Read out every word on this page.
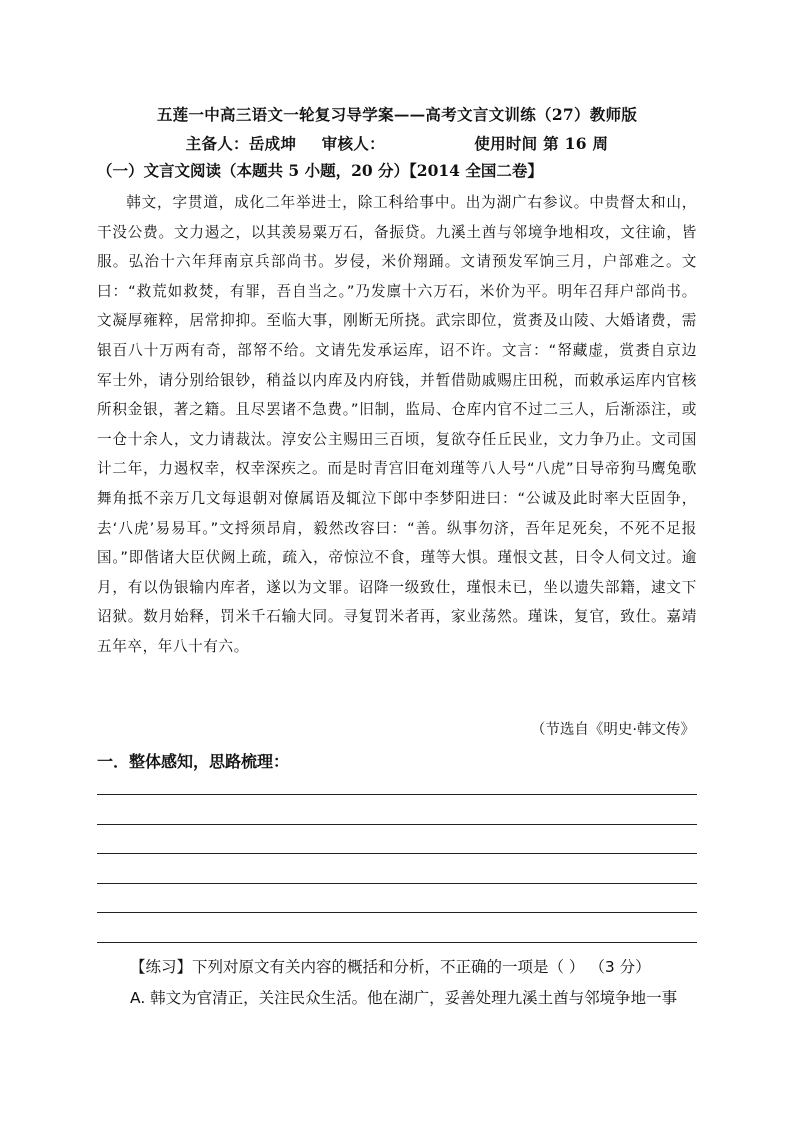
五莲一中高三语文一轮复习导学案——高考文言文训练（27）教师版
主备人：岳成坤 审核人：	使用时间 第 16 周
（一）文言文阅读（本题共 5 小题，20 分）【2014 全国二卷】

韩文，字贯道，成化二年举进士，除工科给事中。出为湖广右参议。中贵督太和山，干没公费。文力遏之，以其羡易粟万石，备振贷。九溪土酋与邻境争地相攻，文往谕，皆服。弘治十六年拜南京兵部尚书。岁侵，米价翔踊。文请预发军饷三月，户部难之。文曰：“救荒如救焚，有罪，吾自当之。”乃发廪十六万石，米价为平。明年召拜户部尚书。文凝厚雍粹，居常抑抑。至临大事，刚断无所挠。武宗即位，赏赉及山陵、大婚诸费，需银百八十万两有奇，部帑不给。文请先发承运库，诏不许。文言：“帑藏虚，赏赉自京边军士外，请分别给银钞，稍益以内库及内府钱，并暂借勋戚赐庄田税，而敕承运库内官核所积金银，著之籍。且尽罢诸不急费。”旧制，监局、仓库内官不过二三人，后渐添注，或一仓十余人，文力请裁汰。淳安公主赐田三百顷，复欲夺任丘民业，文力争乃止。文司国计二年，力遏权幸，权幸深疾之。而是时青宫旧奄刘瑾等八人号“八虎”日导帝狗马鹰兔歌舞角抵不亲万几文每退朝对僚属语及辄泣下郎中李梦阳进曰：“公诚及此时率大臣固争，去‘八虎’易易耳。”文捋须昂肩，毅然改容曰：“善。纵事勿济，吾年足死矣，不死不足报国。”即偕诸大臣伏阙上疏，疏入，帝惊泣不食，瑾等大惧。瑾恨文甚，日令人伺文过。逾月，有以伪银输内库者，遂以为文罪。诏降一级致仕，瑾恨未已，坐以遗失部籍，逮文下诏狱。数月始释，罚米千石输大同。寻复罚米者再，家业荡然。瑾诛，复官，致仕。嘉靖五年卒，年八十有六。

（节选自《明史·韩文传》
一．整体感知，思路梳理：
【练习】下列对原文有关内容的概括和分析，不正确的一项是（ ） （3 分）
A. 韩文为官清正，关注民众生活。他在湖广，妥善处理九溪土酋与邻境争地一事
